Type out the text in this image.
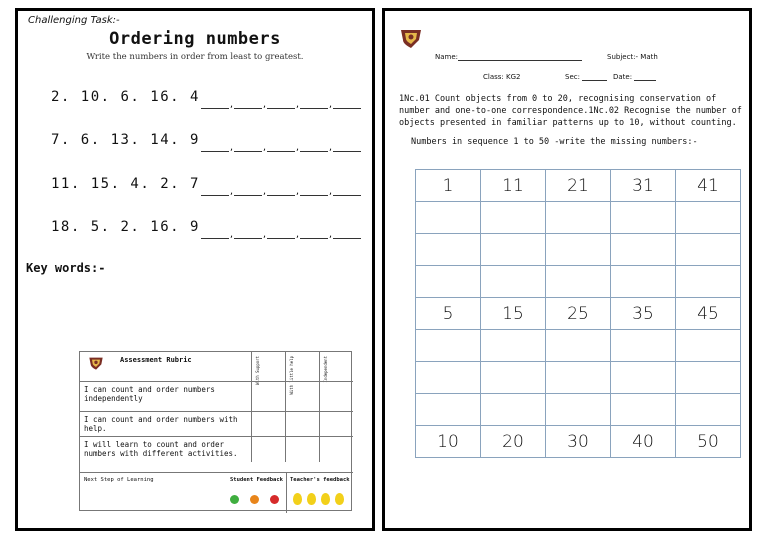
Challenging Task:-
Ordering numbers
Write the numbers in order from least to greatest.
2. 10. 6. 16. 4	,	,	,	,
7. 6. 13. 14. 9	,	,	,	,
11. 15. 4. 2. 7	,	,	,	,
18. 5. 2. 16. 9	,	,	,	,
Key words:-
Assessment Rubric	With Support	With little help	Independent
I can count and order numbers independently
I can count and order numbers with help.
I will learn to count and order numbers with different activities.
Next Step of Learning	Student Feedback Teacher's feedback
Name:	Subject:- Math
Class: KG2	Sec:	Date:
1Nc.01 Count objects from 0 to 20, recognising conservation of number and one-to-one correspondence.1Nc.02 Recognise the number of objects presented in familiar patterns up to 10, without counting.
Numbers in sequence 1 to 50 -write the missing numbers:-
1	11	21	31	41

5	15	25	35	45

10	20	30	40	50
